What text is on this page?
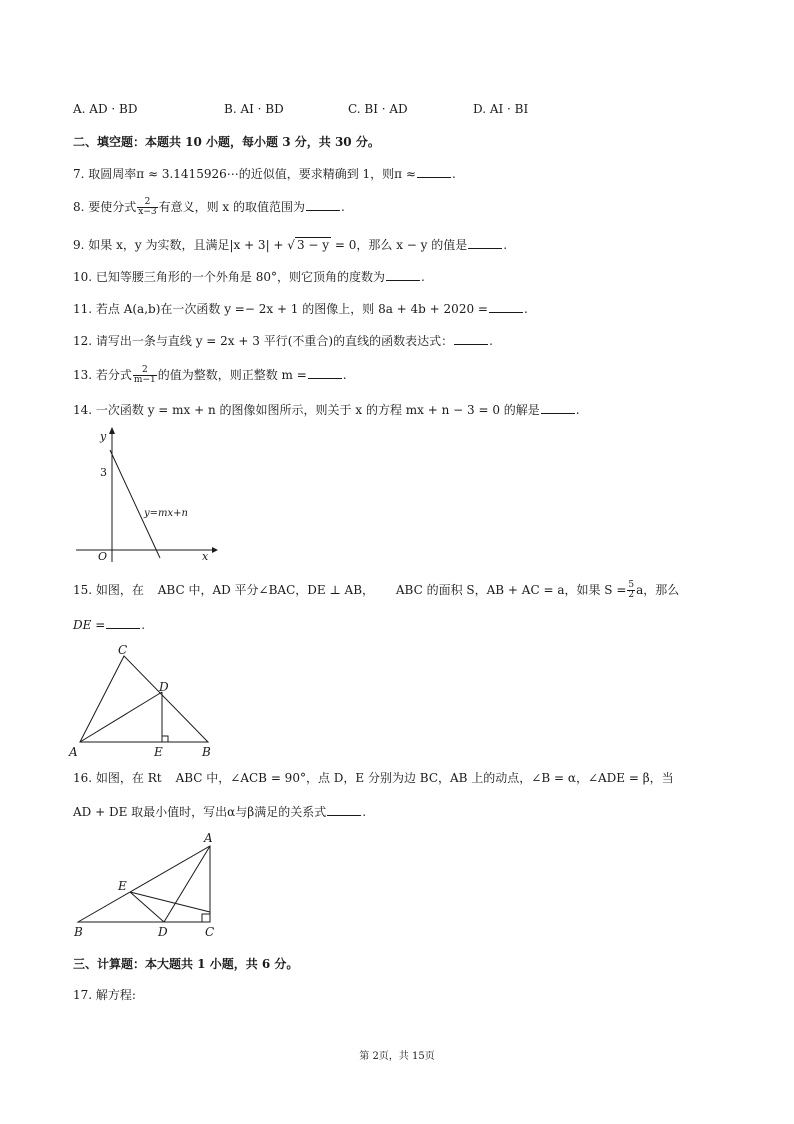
A. AD · BD	B. AI · BD	C. BI · AD	D. AI · BI
二、填空题：本题共 10 小题，每小题 3 分，共 30 分。
7. 取圆周率π ≈ 3.1415926⋯的近似值，要求精确到 1，则π ≈	.
8. 要使分式 $\frac{2}{x-3}$ 有意义，则 x 的取值范围为	.
9. 如果 x，y 为实数，且满足|x + 3| + √ 3 − y = 0，那么 x − y 的值是	.
10. 已知等腰三角形的一个外角是 80°，则它顶角的度数为	.
11. 若点 A(a,b)在一次函数 y =− 2x + 1 的图像上，则 8a + 4b + 2020 =	.
12. 请写出一条与直线 y = 2x + 3 平行(不重合)的直线的函数表达式：	.
13. 若分式 $\frac{2}{m-1}$ 的值为整数，则正整数 m =	.
14. 一次函数 y = mx + n 的图像如图所示，则关于 x 的方程 mx + n − 3 = 0 的解是	.
y
x
O
3
y=mx+n
15. 如图，在 ABC 中，AD 平分∠BAC，DE ⊥ AB， ABC 的面积 S，AB + AC = a，如果 $S = \frac{5}{2}$ a，那么
DE =	.
A	B
C
D
E
16. 如图，在 Rt ABC 中，∠ACB = 90°，点 D，E 分别为边 BC，AB 上的动点，∠B = α，∠ADE = β，当
AD + DE 取最小值时，写出α与β满足的关系式	.
B
A
C
D
E
三、计算题：本大题共 1 小题，共 6 分。
17. 解方程:
第 2页，共 15页
